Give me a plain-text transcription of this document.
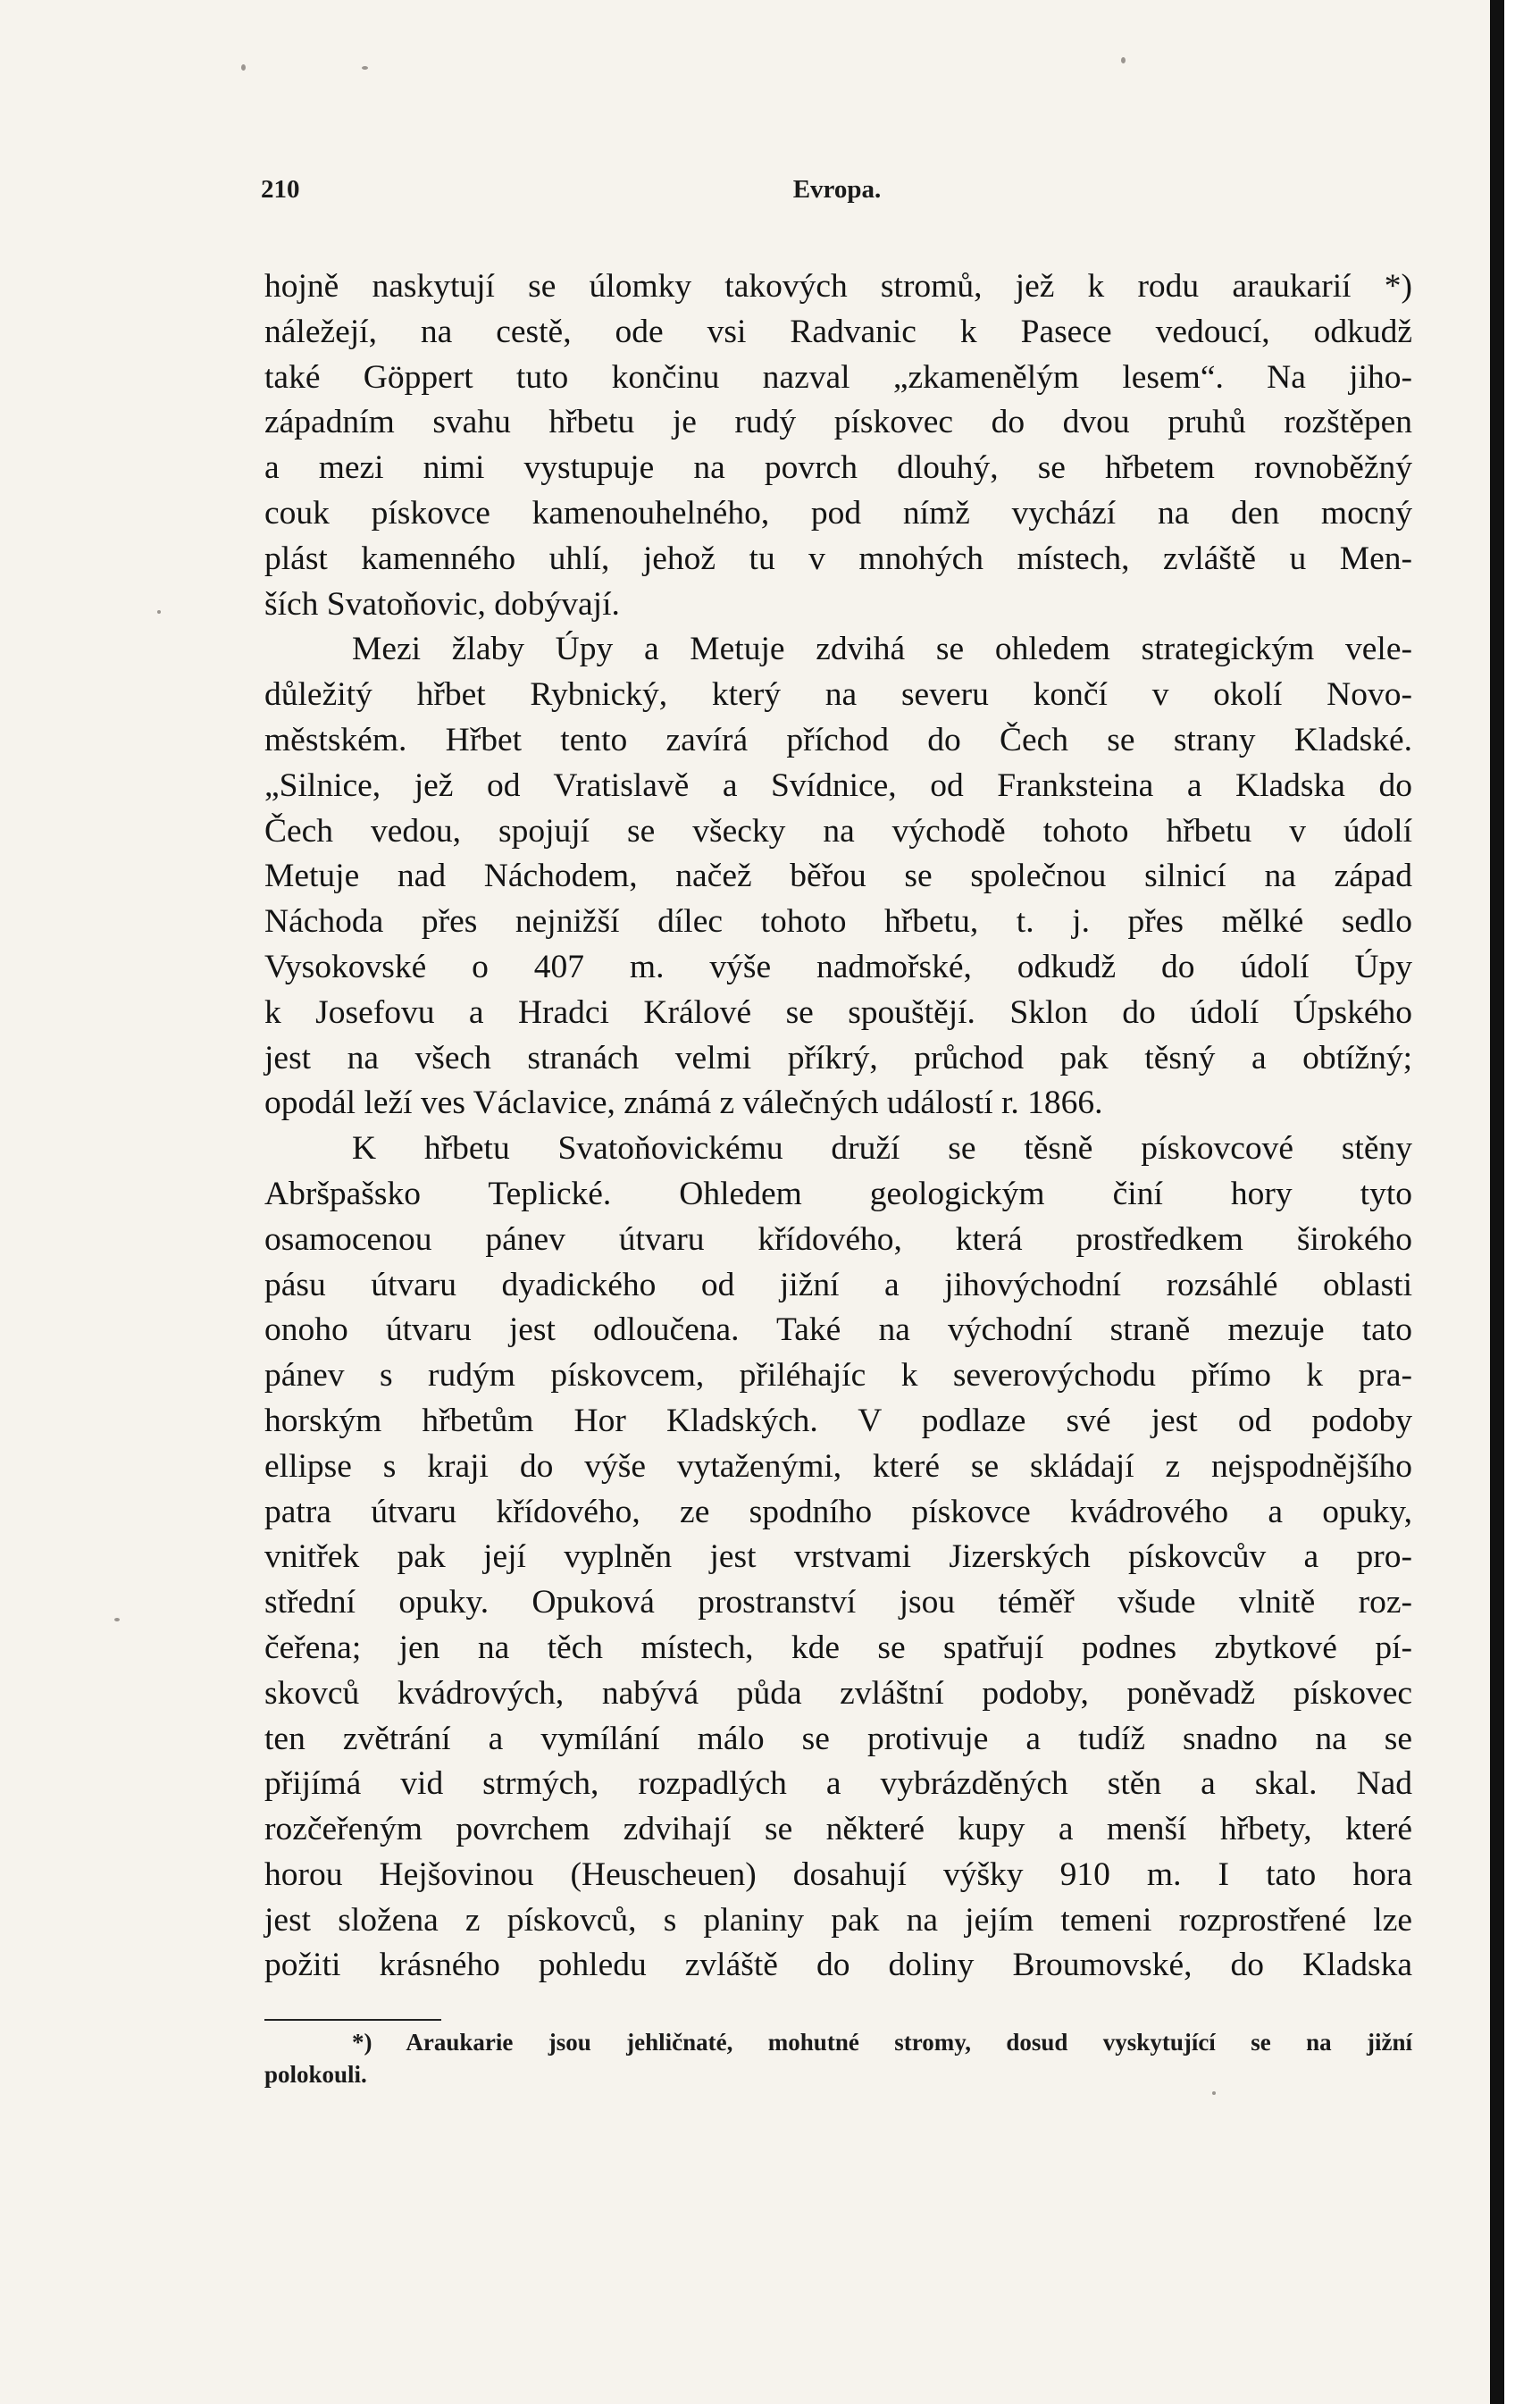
210	Evropa.
hojně naskytují se úlomky takových stromů, jež k rodu araukarií *)
náležejí, na cestě, ode vsi Radvanic k Pasece vedoucí, odkudž
také Göppert tuto končinu nazval „zkamenělým lesem“. Na jiho-
západním svahu hřbetu je rudý pískovec do dvou pruhů rozštěpen
a mezi nimi vystupuje na povrch dlouhý, se hřbetem rovnoběžný
couk pískovce kamenouhelného, pod nímž vychází na den mocný
plást kamenného uhlí, jehož tu v mnohých místech, zvláště u Men-
ších Svatoňovic, dobývají.
Mezi žlaby Úpy a Metuje zdvihá se ohledem strategickým vele-
důležitý hřbet Rybnický, který na severu končí v okolí Novo-
městském. Hřbet tento zavírá příchod do Čech se strany Kladské.
„Silnice, jež od Vratislavě a Svídnice, od Franksteina a Kladska do
Čech vedou, spojují se všecky na východě tohoto hřbetu v údolí
Metuje nad Náchodem, načež běřou se společnou silnicí na západ
Náchoda přes nejnižší dílec tohoto hřbetu, t. j. přes mělké sedlo
Vysokovské o 407 m. výše nadmořské, odkudž do údolí Úpy
k Josefovu a Hradci Králové se spouštějí. Sklon do údolí Úpského
jest na všech stranách velmi příkrý, průchod pak těsný a obtížný;
opodál leží ves Václavice, známá z válečných událostí r. 1866.
K hřbetu Svatoňovickému druží se těsně pískovcové stěny
Abršpašsko Teplické. Ohledem geologickým činí hory tyto
osamocenou pánev útvaru křídového, která prostředkem širokého
pásu útvaru dyadického od jižní a jihovýchodní rozsáhlé oblasti
onoho útvaru jest odloučena. Také na východní straně mezuje tato
pánev s rudým pískovcem, přiléhajíc k severovýchodu přímo k pra-
horským hřbetům Hor Kladských. V podlaze své jest od podoby
ellipse s kraji do výše vytaženými, které se skládají z nejspodnějšího
patra útvaru křídového, ze spodního pískovce kvádrového a opuky,
vnitřek pak její vyplněn jest vrstvami Jizerských pískovcův a pro-
střední opuky. Opuková prostranství jsou téměř všude vlnitě roz-
čeřena; jen na těch místech, kde se spatřují podnes zbytkové pí-
skovců kvádrových, nabývá půda zvláštní podoby, poněvadž pískovec
ten zvětrání a vymílání málo se protivuje a tudíž snadno na se
přijímá vid strmých, rozpadlých a vybrázděných stěn a skal. Nad
rozčeřeným povrchem zdvihají se některé kupy a menší hřbety, které
horou Hejšovinou (Heuscheuen) dosahují výšky 910 m. I tato hora
jest složena z pískovců, s planiny pak na jejím temeni rozprostřené lze
požiti krásného pohledu zvláště do doliny Broumovské, do Kladska
*) Araukarie jsou jehličnaté, mohutné stromy, dosud vyskytující se na jižní
polokouli.
